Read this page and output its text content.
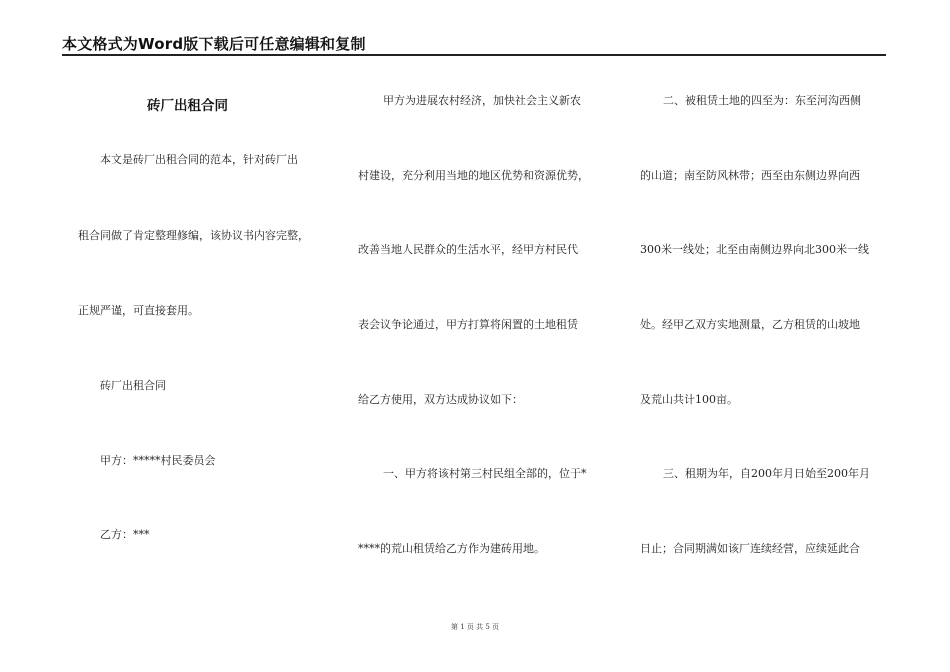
本文格式为Word版下载后可任意编辑和复制
砖厂出租合同
本文是砖厂出租合同的范本，针对砖厂出
租合同做了肯定整理修编，该协议书内容完整，
正规严谨，可直接套用。
砖厂出租合同
甲方：*****村民委员会
乙方：***
甲方为进展农村经济，加快社会主义新农
村建设，充分利用当地的地区优势和资源优势，
改善当地人民群众的生活水平，经甲方村民代
表会议争论通过，甲方打算将闲置的土地租赁
给乙方使用，双方达成协议如下：
一、甲方将该村第三村民组全部的，位于*
****的荒山租赁给乙方作为建砖用地。
二、被租赁土地的四至为：东至河沟西侧
的山道；南至防风林带；西至由东侧边界向西
300米一线处；北至由南侧边界向北300米一线
处。经甲乙双方实地测量，乙方租赁的山坡地
及荒山共计100亩。
三、租期为年，自200年月日始至200年月
日止；合同期满如该厂连续经营，应续延此合
第 1 页 共 5 页
